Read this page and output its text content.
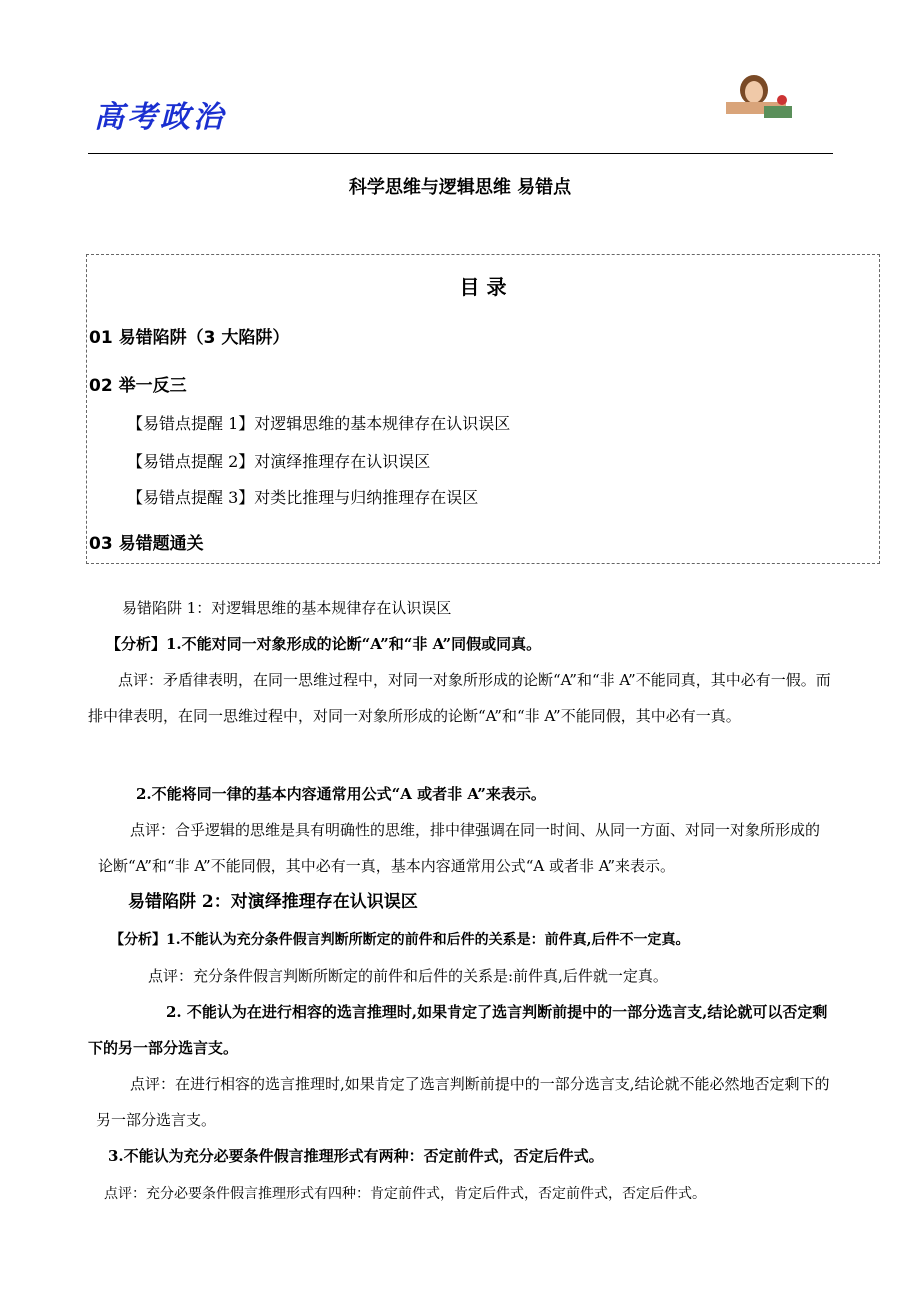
高考政治
科学思维与逻辑思维 易错点
目 录
01 易错陷阱（3 大陷阱）
02 举一反三
【易错点提醒 1】对逻辑思维的基本规律存在认识误区
【易错点提醒 2】对演绎推理存在认识误区
【易错点提醒 3】对类比推理与归纳推理存在误区
03 易错题通关
易错陷阱 1：对逻辑思维的基本规律存在认识误区
【分析】1.不能对同一对象形成的论断“A”和“非 A”同假或同真。
点评：矛盾律表明，在同一思维过程中，对同一对象所形成的论断“A”和“非 A”不能同真，其中必有一假。而排中律表明，在同一思维过程中，对同一对象所形成的论断“A”和“非 A”不能同假，其中必有一真。
2.不能将同一律的基本内容通常用公式“A 或者非 A”来表示。
点评：合乎逻辑的思维是具有明确性的思维，排中律强调在同一时间、从同一方面、对同一对象所形成的论断“A”和“非 A”不能同假，其中必有一真，基本内容通常用公式“A 或者非 A”来表示。
易错陷阱 2：对演绎推理存在认识误区
【分析】1.不能认为充分条件假言判断所断定的前件和后件的关系是：前件真,后件不一定真。
点评：充分条件假言判断所断定的前件和后件的关系是:前件真,后件就一定真。
2. 不能认为在进行相容的选言推理时,如果肯定了选言判断前提中的一部分选言支,结论就可以否定剩下的另一部分选言支。
点评：在进行相容的选言推理时,如果肯定了选言判断前提中的一部分选言支,结论就不能必然地否定剩下的另一部分选言支。
3.不能认为充分必要条件假言推理形式有两种：否定前件式，否定后件式。
点评：充分必要条件假言推理形式有四种：肯定前件式，肯定后件式，否定前件式，否定后件式。
